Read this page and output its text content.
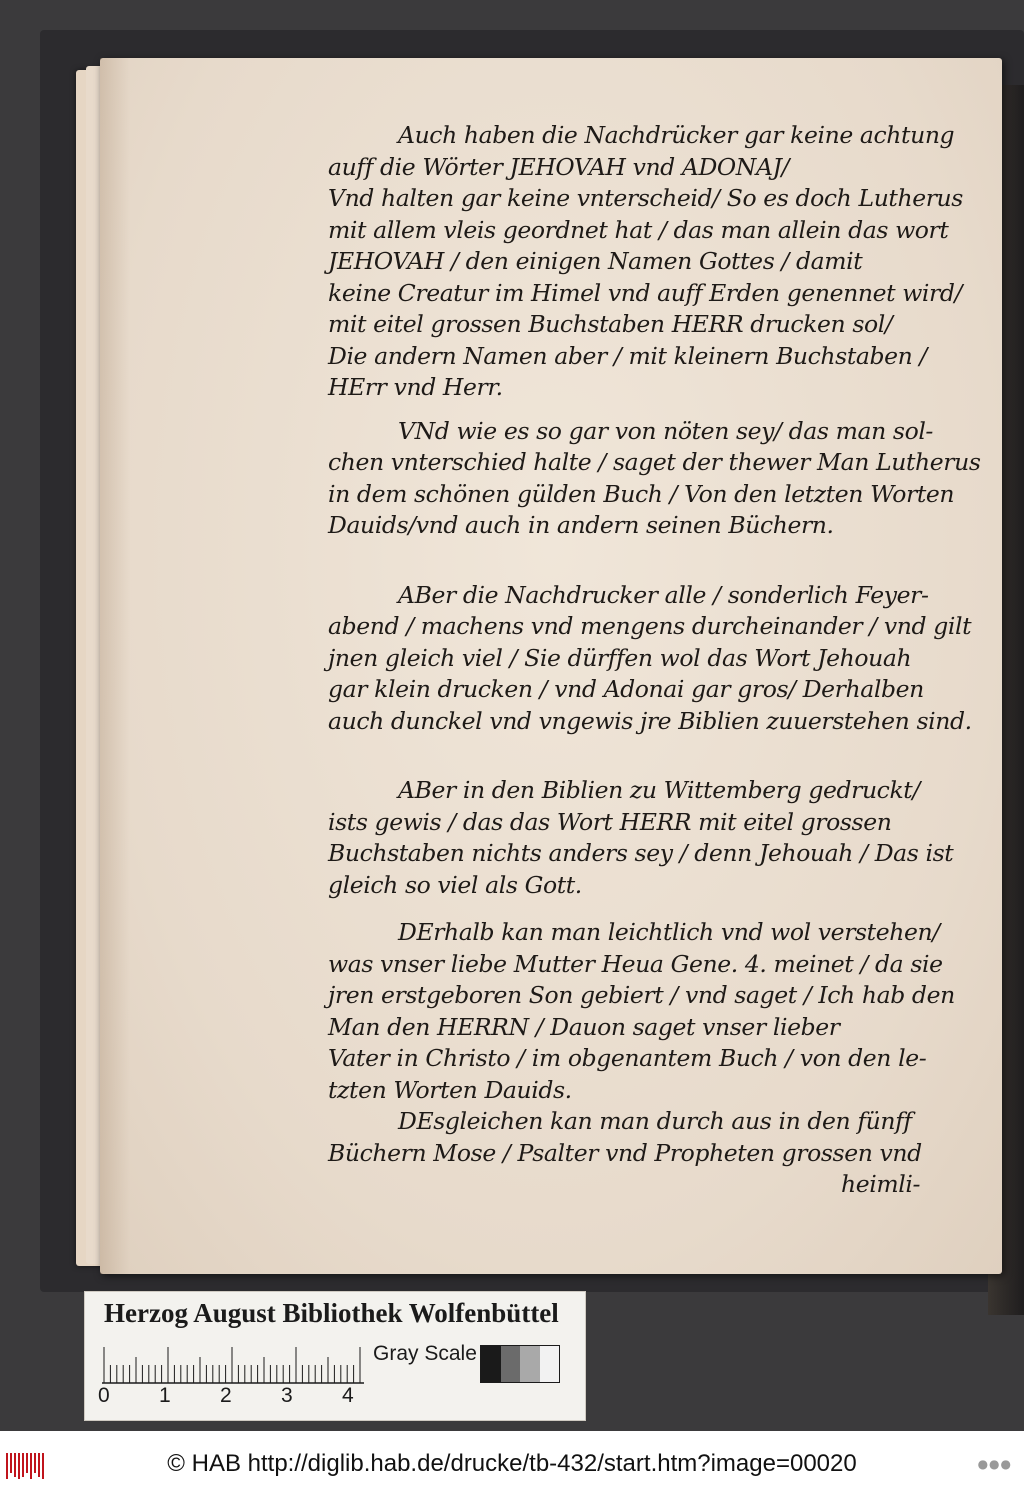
Auch haben die Nachdrücker gar keine achtung
auff die Wörter JEHOVAH vnd ADONAJ/
Vnd halten gar keine vnterscheid/ So es doch Lutherus
mit allem vleis geordnet hat / das man allein das wort
JEHOVAH / den einigen Namen Gottes / damit
keine Creatur im Himel vnd auff Erden genennet wird/
mit eitel grossen Buchstaben HERR drucken sol/
Die andern Namen aber / mit kleinern Buchstaben /
HErr vnd Herr.
VNd wie es so gar von nöten sey/ das man sol-
chen vnterschied halte / saget der thewer Man Lutherus
in dem schönen gülden Buch / Von den letzten Worten
Dauids/vnd auch in andern seinen Büchern.
ABer die Nachdrucker alle / sonderlich Feyer-
abend / machens vnd mengens durcheinander / vnd gilt
jnen gleich viel / Sie dürffen wol das Wort Jehouah
gar klein drucken / vnd Adonai gar gros/ Derhalben
auch dunckel vnd vngewis jre Biblien zuuerstehen sind.
ABer in den Biblien zu Wittemberg gedruckt/
ists gewis / das das Wort HERR mit eitel grossen
Buchstaben nichts anders sey / denn Jehouah / Das ist
gleich so viel als Gott.
DErhalb kan man leichtlich vnd wol verstehen/
was vnser liebe Mutter Heua Gene. 4. meinet / da sie
jren erstgeboren Son gebiert / vnd saget / Ich hab den
Man den HERRN / Dauon saget vnser lieber
Vater in Christo / im obgenantem Buch / von den le-
tzten Worten Dauids.
DEsgleichen kan man durch aus in den fünff
Büchern Mose / Psalter vnd Propheten grossen vnd
heimli-
Herzog August Bibliothek Wolfenbüttel
0 1 2 3 4
Gray Scale
© HAB http://diglib.hab.de/drucke/tb-432/start.htm?image=00020	●●●
